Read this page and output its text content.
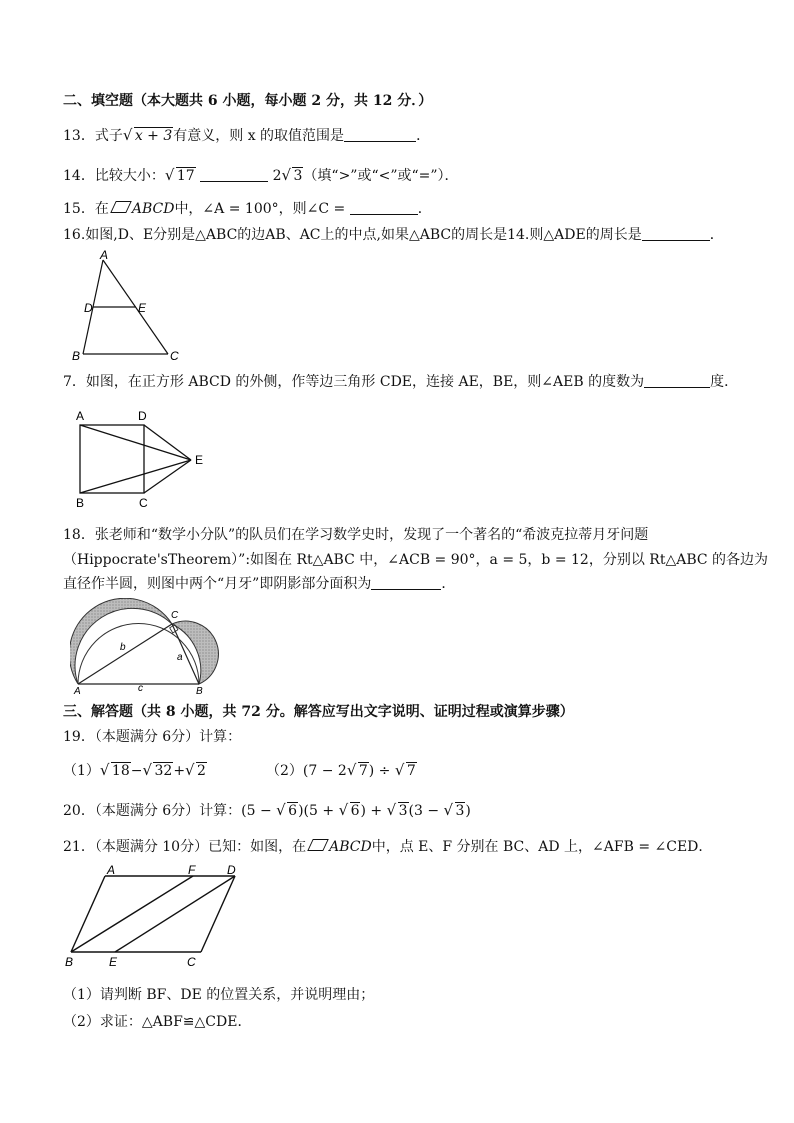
二、填空题（本大题共 6 小题，每小题 2 分，共 12 分．）
13．式子 √ x + 3有意义，则 x 的取值范围是	．
14．比较大小： √ 17	2 √ 3（填“>”或“<”或“=”）．
15．在 ABCD中，∠A = 100°，则∠C =	．
16.如图,D、E分别是△ABC的边AB、AC上的中点,如果△ABC的周长是14.则△ADE的周长是	．
A
D	E
B	C
7．如图，在正方形 ABCD 的外侧，作等边三角形 CDE，连接 AE，BE，则∠AEB 的度数为	度．
A	D
E
B	C
18．张老师和“数学小分队”的队员们在学习数学史时，发现了一个著名的“希波克拉蒂月牙问题
（Hippocrate'sTheorem）”:如图在 Rt△ABC 中，∠ACB = 90°，a = 5，b = 12，分别以 Rt△ABC 的各边为
直径作半圆，则图中两个“月牙”即阴影部分面积为	．
C
b
a
A	c	B
三、解答题（共 8 小题，共 72 分。解答应写出文字说明、证明过程或演算步骤）
19．（本题满分 6分）计算：
（1） √ 18− √ 32+ √ 2	（2）(7 − 2 √ 7) ÷ √ 7
20．（本题满分 6分）计算：(5 − √ 6)(5 + √ 6) + √ 3(3 − √ 3)
21．（本题满分 10分）已知：如图，在 ABCD中，点 E、F 分别在 BC、AD 上，∠AFB = ∠CED．
A	F	D
B	E	C
（1）请判断 BF、DE 的位置关系，并说明理由；
（2）求证：△ABF≌△CDE．
